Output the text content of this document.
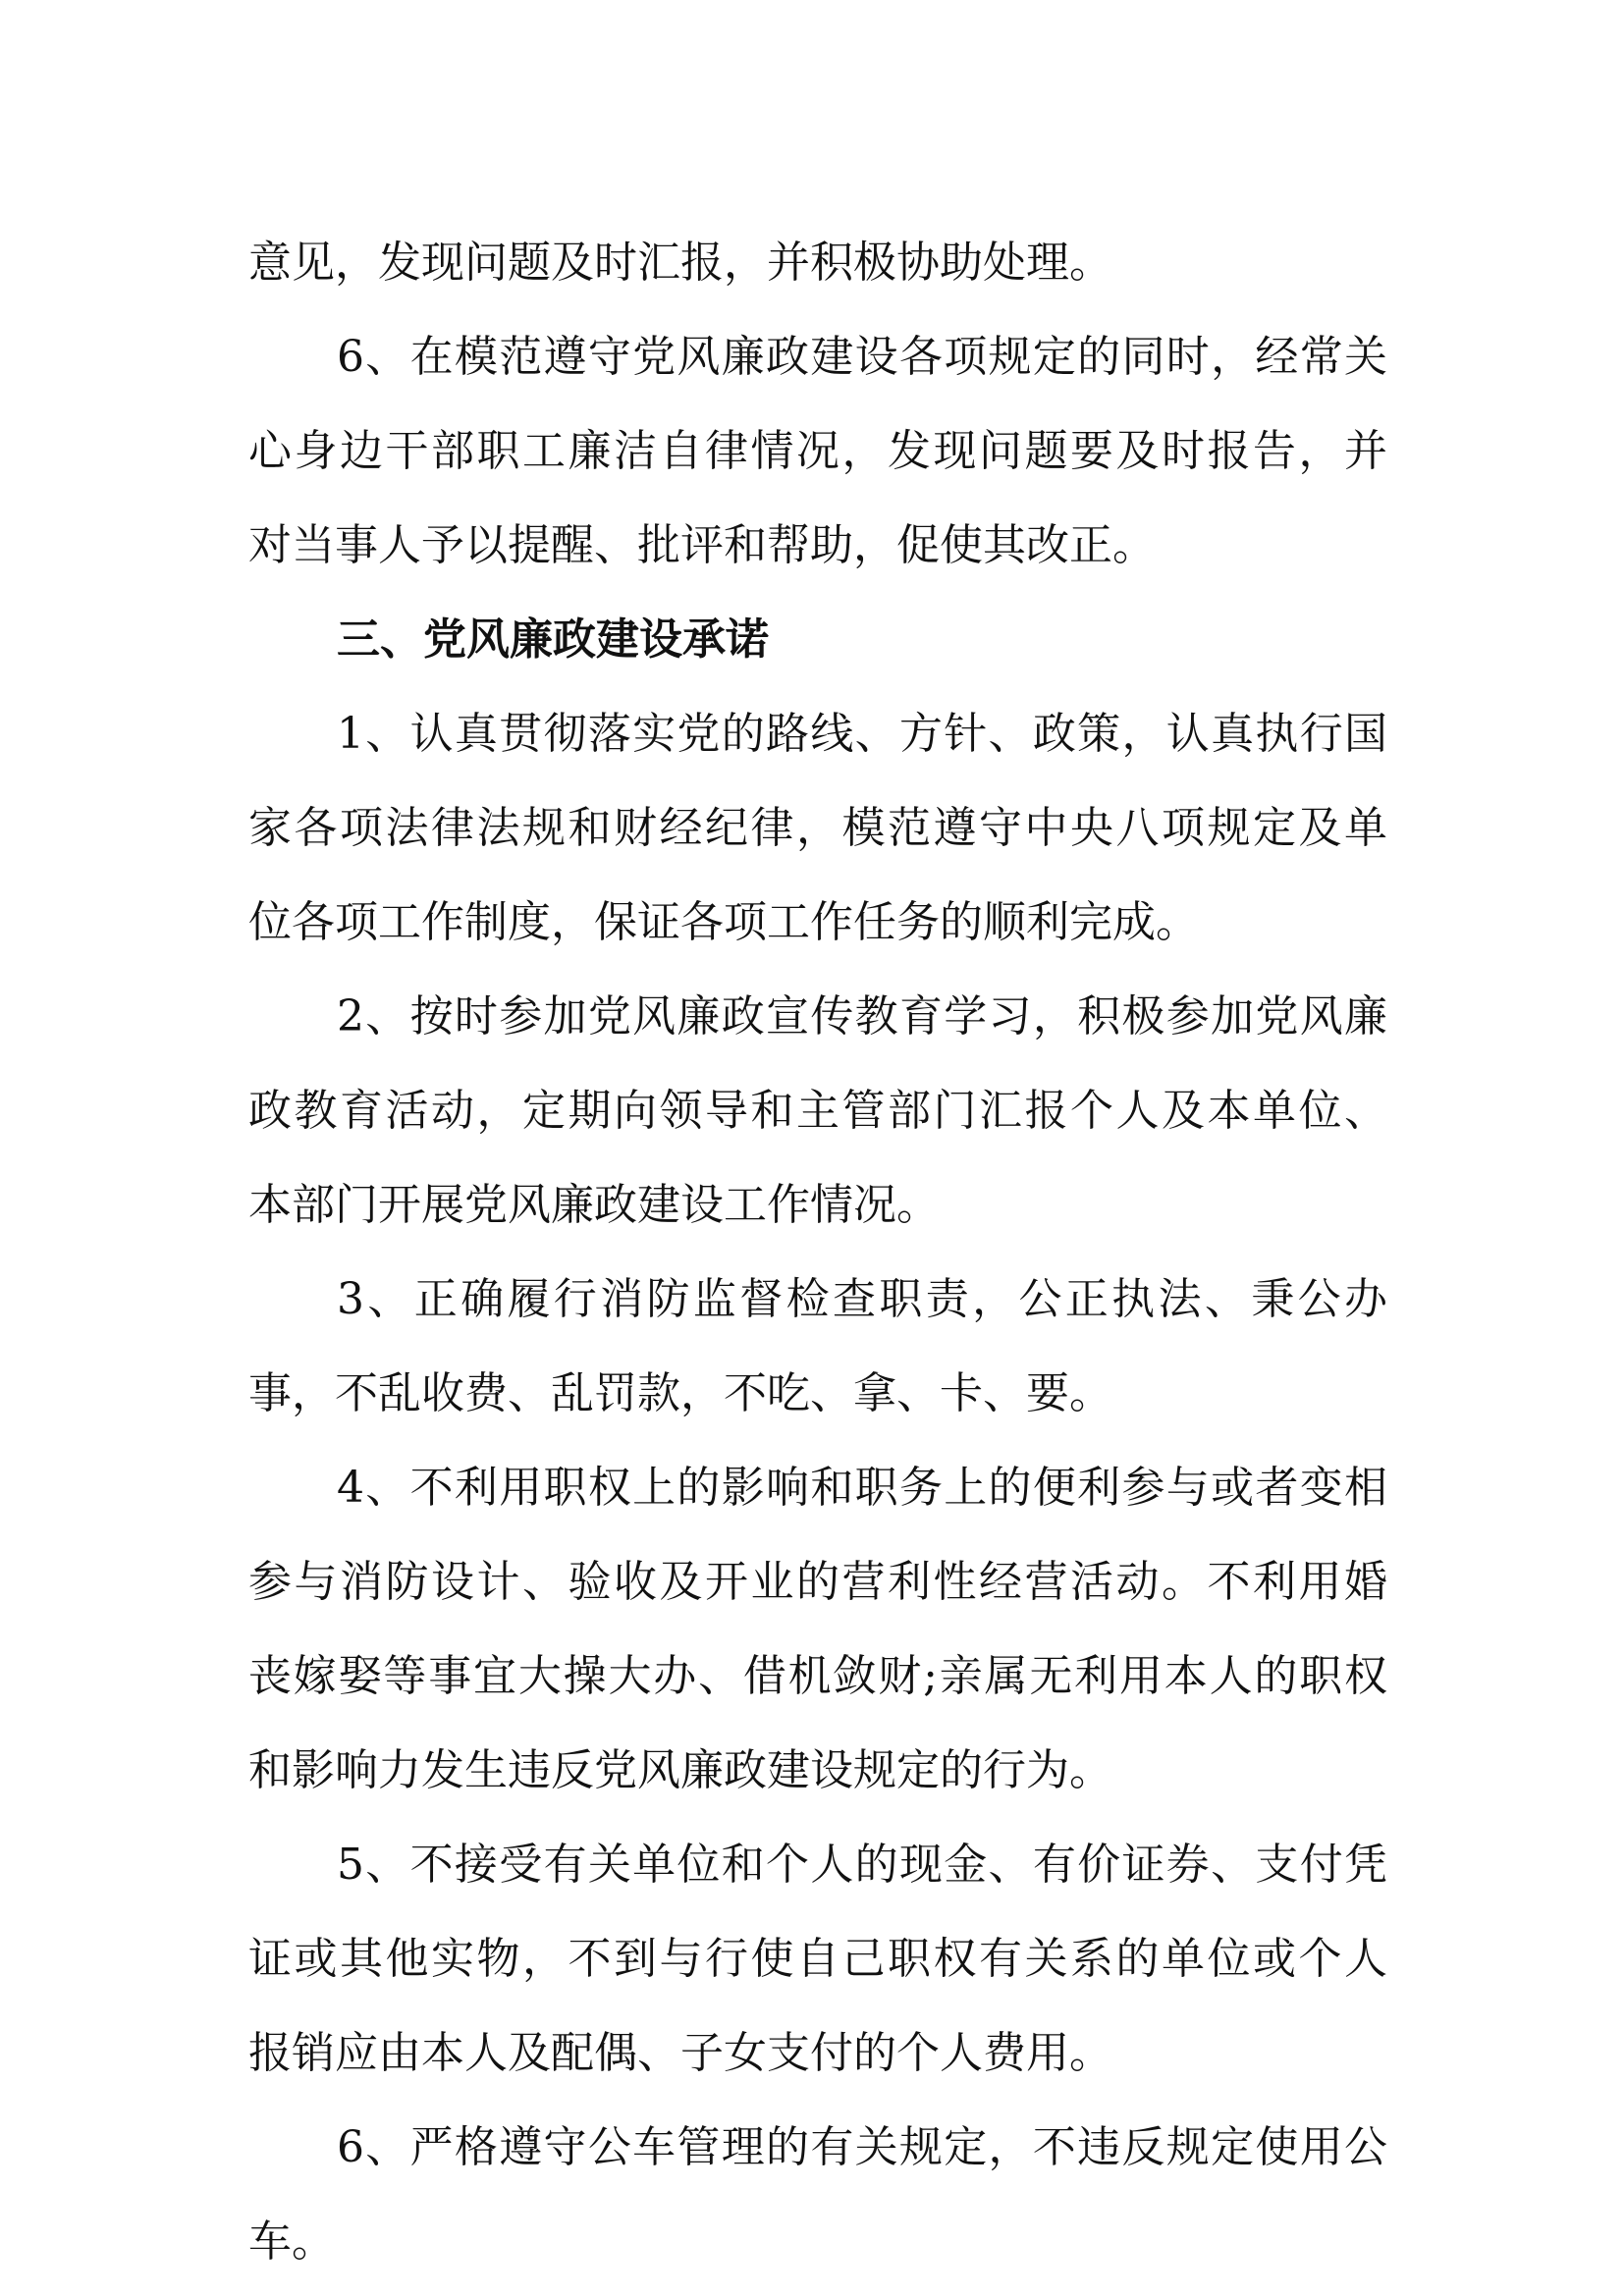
意见，发现问题及时汇报，并积极协助处理。
6、在模范遵守党风廉政建设各项规定的同时，经常关
心身边干部职工廉洁自律情况，发现问题要及时报告，并
对当事人予以提醒、批评和帮助，促使其改正。
三、党风廉政建设承诺
1、认真贯彻落实党的路线、方针、政策，认真执行国
家各项法律法规和财经纪律，模范遵守中央八项规定及单
位各项工作制度，保证各项工作任务的顺利完成。
2、按时参加党风廉政宣传教育学习，积极参加党风廉
政教育活动，定期向领导和主管部门汇报个人及本单位、
本部门开展党风廉政建设工作情况。
3、正确履行消防监督检查职责，公正执法、秉公办
事，不乱收费、乱罚款，不吃、拿、卡、要。
4、不利用职权上的影响和职务上的便利参与或者变相
参与消防设计、验收及开业的营利性经营活动。不利用婚
丧嫁娶等事宜大操大办、借机敛财;亲属无利用本人的职权
和影响力发生违反党风廉政建设规定的行为。
5、不接受有关单位和个人的现金、有价证券、支付凭
证或其他实物，不到与行使自己职权有关系的单位或个人
报销应由本人及配偶、子女支付的个人费用。
6、严格遵守公车管理的有关规定，不违反规定使用公
车。
